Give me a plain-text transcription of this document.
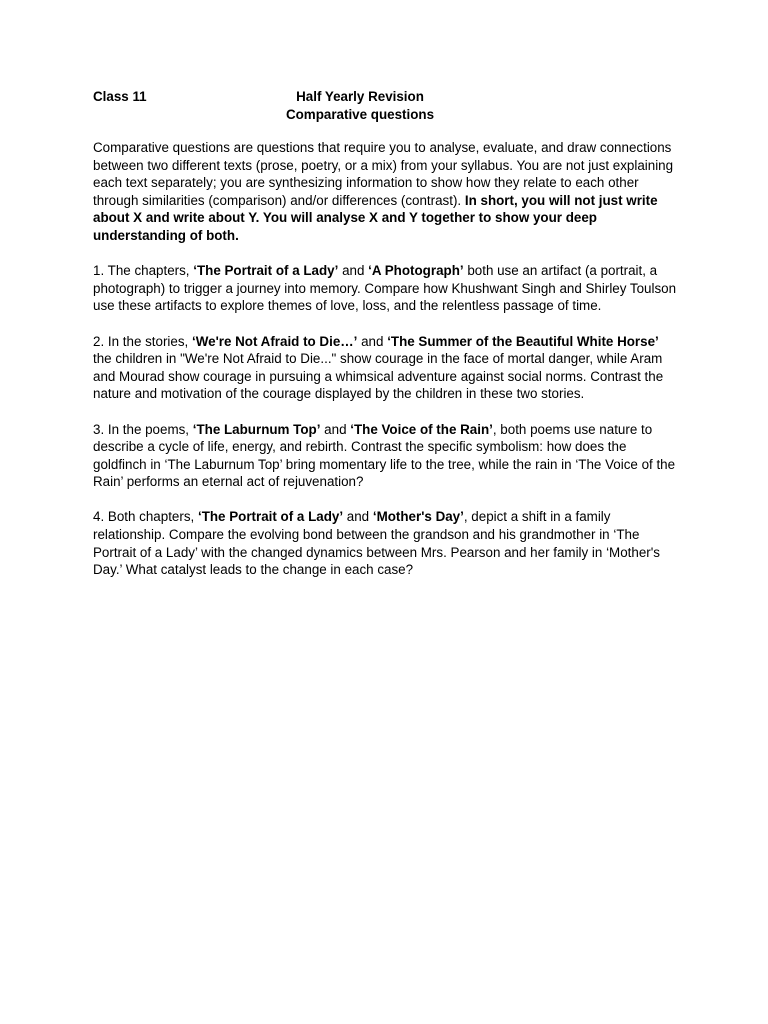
Class 11	Half Yearly Revision
Comparative questions

Comparative questions are questions that require you to analyse, evaluate, and draw connections between two different texts (prose, poetry, or a mix) from your syllabus. You are not just explaining each text separately; you are synthesizing information to show how they relate to each other through similarities (comparison) and/or differences (contrast). In short, you will not just write about X and write about Y. You will analyse X and Y together to show your deep understanding of both.

1. The chapters, ‘The Portrait of a Lady’ and ‘A Photograph’ both use an artifact (a portrait, a photograph) to trigger a journey into memory. Compare how Khushwant Singh and Shirley Toulson use these artifacts to explore themes of love, loss, and the relentless passage of time.

2. In the stories, ‘We're Not Afraid to Die…’ and ‘The Summer of the Beautiful White Horse’ the children in "We're Not Afraid to Die..." show courage in the face of mortal danger, while Aram and Mourad show courage in pursuing a whimsical adventure against social norms. Contrast the nature and motivation of the courage displayed by the children in these two stories.

3. In the poems, ‘The Laburnum Top’ and ‘The Voice of the Rain’, both poems use nature to describe a cycle of life, energy, and rebirth. Contrast the specific symbolism: how does the goldfinch in ‘The Laburnum Top’ bring momentary life to the tree, while the rain in ‘The Voice of the Rain’ performs an eternal act of rejuvenation?

4. Both chapters, ‘The Portrait of a Lady’ and ‘Mother's Day’, depict a shift in a family relationship. Compare the evolving bond between the grandson and his grandmother in ‘The Portrait of a Lady’ with the changed dynamics between Mrs. Pearson and her family in ‘Mother's Day.’ What catalyst leads to the change in each case?
